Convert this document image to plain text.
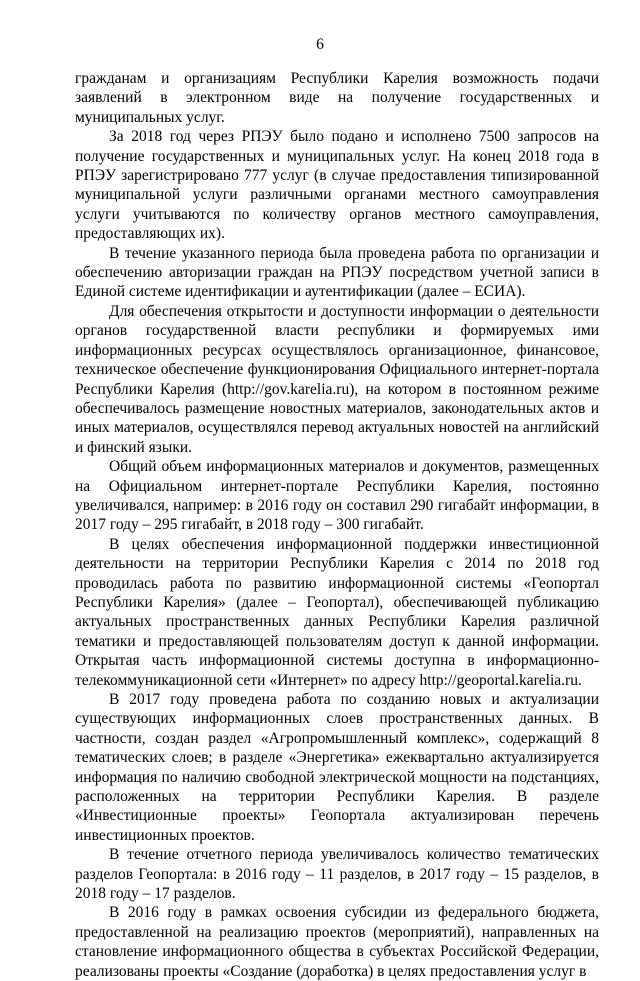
6

гражданам и организациям Республики Карелия возможность подачи заявлений в электронном виде на получение государственных и муниципальных услуг.

За 2018 год через РПЭУ было подано и исполнено 7500 запросов на получение государственных и муниципальных услуг. На конец 2018 года в РПЭУ зарегистрировано 777 услуг (в случае предоставления типизированной муниципальной услуги различными органами местного самоуправления услуги учитываются по количеству органов местного самоуправления, предоставляющих их).

В течение указанного периода была проведена работа по организации и обеспечению авторизации граждан на РПЭУ посредством учетной записи в Единой системе идентификации и аутентификации (далее – ЕСИА).

Для обеспечения открытости и доступности информации о деятельности органов государственной власти республики и формируемых ими информационных ресурсах осуществлялось организационное, финансовое, техническое обеспечение функционирования Официального интернет-портала Республики Карелия (http://gov.karelia.ru), на котором в постоянном режиме обеспечивалось размещение новостных материалов, законодательных актов и иных материалов, осуществлялся перевод актуальных новостей на английский и финский языки.

Общий объем информационных материалов и документов, размещенных на Официальном интернет-портале Республики Карелия, постоянно увеличивался, например: в 2016 году он составил 290 гигабайт информации, в 2017 году – 295 гигабайт, в 2018 году – 300 гигабайт.

В целях обеспечения информационной поддержки инвестиционной деятельности на территории Республики Карелия с 2014 по 2018 год проводилась работа по развитию информационной системы «Геопортал Республики Карелия» (далее – Геопортал), обеспечивающей публикацию актуальных пространственных данных Республики Карелия различной тематики и предоставляющей пользователям доступ к данной информации. Открытая часть информационной системы доступна в информационно-телекоммуникационной сети «Интернет» по адресу http://geoportal.karelia.ru.

В 2017 году проведена работа по созданию новых и актуализации существующих информационных слоев пространственных данных. В частности, создан раздел «Агропромышленный комплекс», содержащий 8 тематических слоев; в разделе «Энергетика» ежеквартально актуализируется информация по наличию свободной электрической мощности на подстанциях, расположенных на территории Республики Карелия. В разделе «Инвестиционные проекты» Геопортала актуализирован перечень инвестиционных проектов.

В течение отчетного периода увеличивалось количество тематических разделов Геопортала: в 2016 году – 11 разделов, в 2017 году – 15 разделов, в 2018 году – 17 разделов.

В 2016 году в рамках освоения субсидии из федерального бюджета, предоставленной на реализацию проектов (мероприятий), направленных на становление информационного общества в субъектах Российской Федерации, реализованы проекты «Создание (доработка) в целях предоставления услуг в
